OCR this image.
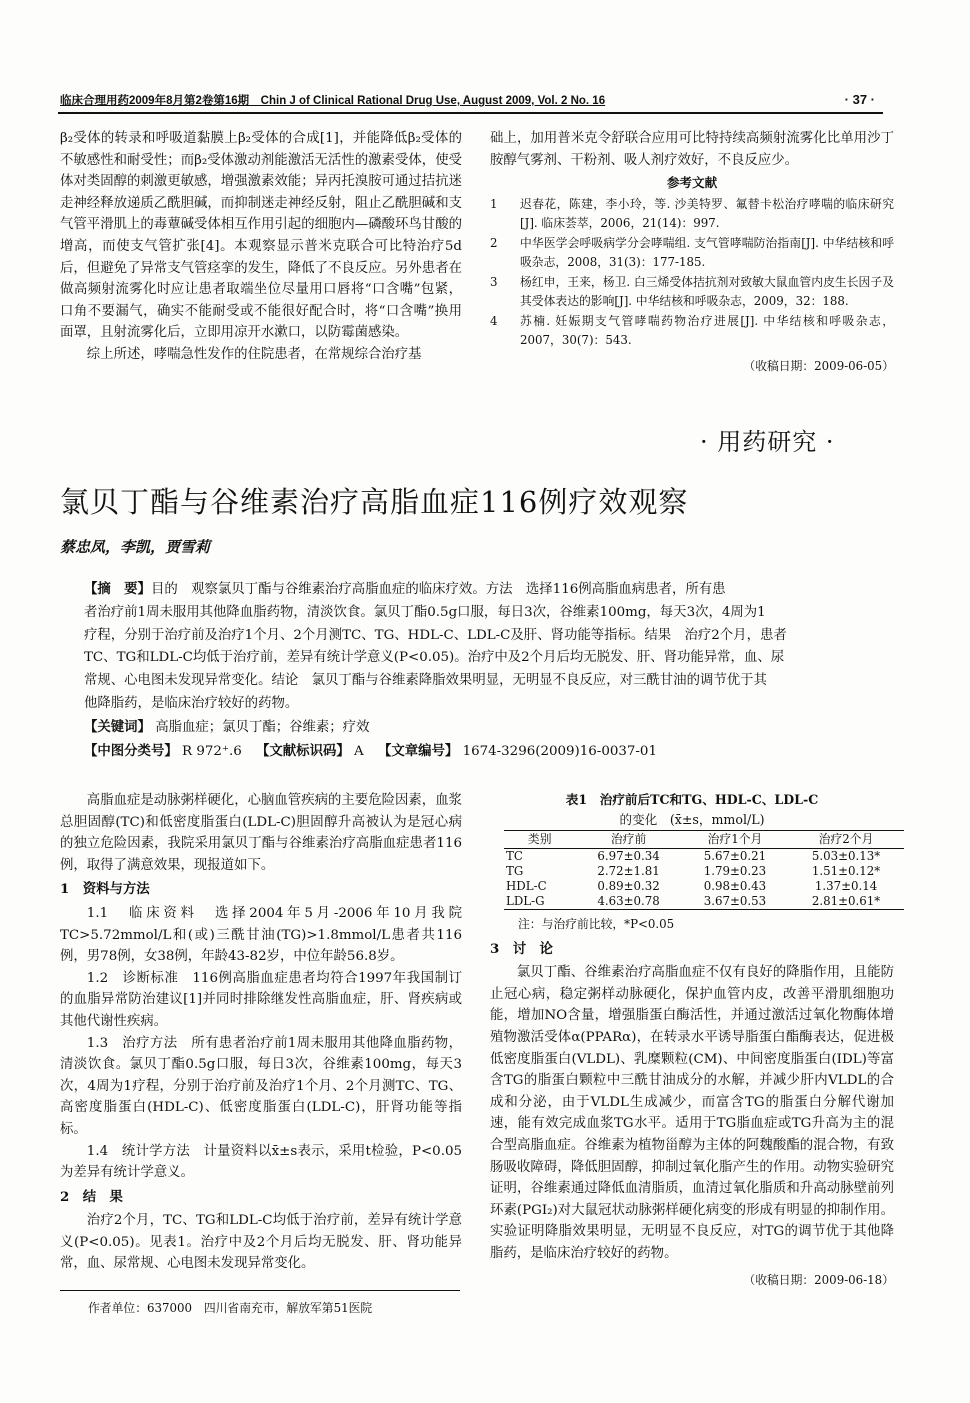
临床合理用药2009年8月第2卷第16期　Chin J of Clinical Rational Drug Use, August 2009, Vol. 2 No. 16	· 37 ·

β₂受体的转录和呼吸道黏膜上β₂受体的合成[1]，并能降低β₂受体的不敏感性和耐受性；而β₂受体激动剂能激活无活性的激素受体，使受体对类固醇的刺激更敏感，增强激素效能；异丙托溴胺可通过拮抗迷走神经释放递质乙酰胆碱，而抑制迷走神经反射，阻止乙酰胆碱和支气管平滑肌上的毒蕈碱受体相互作用引起的细胞内—磷酸环鸟甘酸的增高，而使支气管扩张[4]。本观察显示普米克联合可比特治疗5d后，但避免了异常支气管痉挛的发生，降低了不良反应。另外患者在做高频射流雾化时应让患者取端坐位尽量用口唇将“口含嘴”包紧，口角不要漏气，确实不能耐受或不能很好配合时，将“口含嘴”换用面罩，且射流雾化后，立即用凉开水漱口，以防霉菌感染。

综上所述，哮喘急性发作的住院患者，在常规综合治疗基

础上，加用普米克令舒联合应用可比特持续高频射流雾化比单用沙丁胺醇气雾剂、干粉剂、吸人剂疗效好，不良反应少。

参考文献
1	迟春花，陈建，李小玲，等. 沙美特罗、氟替卡松治疗哮喘的临床研究[J]. 临床荟萃，2006，21(14)：997.
2	中华医学会呼吸病学分会哮喘组. 支气管哮喘防治指南[J]. 中华结核和呼吸杂志，2008，31(3)：177-185.
3	杨红申，王来，杨卫. 白三烯受体拮抗剂对致敏大鼠血管内皮生长因子及其受体表达的影响[J]. 中华结核和呼吸杂志，2009，32：188.
4	苏楠. 妊娠期支气管哮喘药物治疗进展[J]. 中华结核和呼吸杂志，2007，30(7)：543.
（收稿日期：2009-06-05）
· 用药研究 ·
氯贝丁酯与谷维素治疗高脂血症116例疗效观察
蔡忠凤，李凯，贾雪莉
【摘　要】目的　观察氯贝丁酯与谷维素治疗高脂血症的临床疗效。方法　选择116例高脂血病患者，所有患
者治疗前1周未服用其他降血脂药物，清淡饮食。氯贝丁酯0.5g口服，每日3次，谷维素100mg，每天3次，4周为1
疗程，分别于治疗前及治疗1个月、2个月测TC、TG、HDL-C、LDL-C及肝、肾功能等指标。结果　治疗2个月，患者
TC、TG和LDL-C均低于治疗前，差异有统计学意义(P<0.05)。治疗中及2个月后均无脱发、肝、肾功能异常，血、尿
常规、心电图未发现异常变化。结论　氯贝丁酯与谷维素降脂效果明显，无明显不良反应，对三酰甘油的调节优于其
他降脂药，是临床治疗较好的药物。
【关键词】 高脂血症；氯贝丁酯；谷维素；疗效
【中图分类号】 R 972⁺.6 【文献标识码】 A 【文章编号】 1674-3296(2009)16-0037-01

高脂血症是动脉粥样硬化，心脑血管疾病的主要危险因素，血浆总胆固醇(TC)和低密度脂蛋白(LDL-C)胆固醇升高被认为是冠心病的独立危险因素，我院采用氯贝丁酯与谷维素治疗高脂血症患者116例，取得了满意效果，现报道如下。

1　资料与方法

1.1　临床资料　选择2004年5月-2006年10月我院TC>5.72mmol/L和(或)三酰甘油(TG)>1.8mmol/L患者共116例，男78例，女38例，年龄43-82岁，中位年龄56.8岁。

1.2　诊断标准　116例高脂血症患者均符合1997年我国制订的血脂异常防治建议[1]并同时排除继发性高脂血症，肝、肾疾病或其他代谢性疾病。

1.3　治疗方法　所有患者治疗前1周未服用其他降血脂药物，清淡饮食。氯贝丁酯0.5g口服，每日3次，谷维素100mg，每天3次，4周为1疗程，分别于治疗前及治疗1个月、2个月测TC、TG、高密度脂蛋白(HDL-C)、低密度脂蛋白(LDL-C)，肝肾功能等指标。

1.4　统计学方法　计量资料以x̄±s表示，采用t检验，P<0.05为差异有统计学意义。

2　结　果

治疗2个月，TC、TG和LDL-C均低于治疗前，差异有统计学意义(P<0.05)。见表1。治疗中及2个月后均无脱发、肝、肾功能异常，血、尿常规、心电图未发现异常变化。

表1　治疗前后TC和TG、HDL-C、LDL-C
的变化　(x̄±s，mmol/L)
类别	治疗前	治疗1个月	治疗2个月
TC	6.97±0.34	5.67±0.21	5.03±0.13*
TG	2.72±1.81	1.79±0.23	1.51±0.12*
HDL-C	0.89±0.32	0.98±0.43	1.37±0.14
LDL-G	4.63±0.78	3.67±0.53	2.81±0.61*
注：与治疗前比较，*P<0.05
3　讨　论

氯贝丁酯、谷维素治疗高脂血症不仅有良好的降脂作用，且能防止冠心病，稳定粥样动脉硬化，保护血管内皮，改善平滑肌细胞功能，增加NO含量，增强脂蛋白酶活性，并通过激活过氧化物酶体增殖物激活受体α(PPARα)，在转录水平诱导脂蛋白酯酶表达，促进极低密度脂蛋白(VLDL)、乳糜颗粒(CM)、中间密度脂蛋白(IDL)等富含TG的脂蛋白颗粒中三酰甘油成分的水解，并减少肝内VLDL的合成和分泌，由于VLDL生成减少，而富含TG的脂蛋白分解代谢加速，能有效完成血浆TG水平。适用于TG脂血症或TG升高为主的混合型高脂血症。谷维素为植物甾醇为主体的阿魏酸酯的混合物，有致肠吸收障碍，降低胆固醇，抑制过氧化脂产生的作用。动物实验研究证明，谷维素通过降低血清脂质，血清过氧化脂质和升高动脉壁前列环素(PGI₂)对大鼠冠状动脉粥样硬化病变的形成有明显的抑制作用。实验证明降脂效果明显，无明显不良反应，对TG的调节优于其他降脂药，是临床治疗较好的药物。

（收稿日期：2009-06-18）
作者单位：637000　四川省南充市，解放军第51医院
